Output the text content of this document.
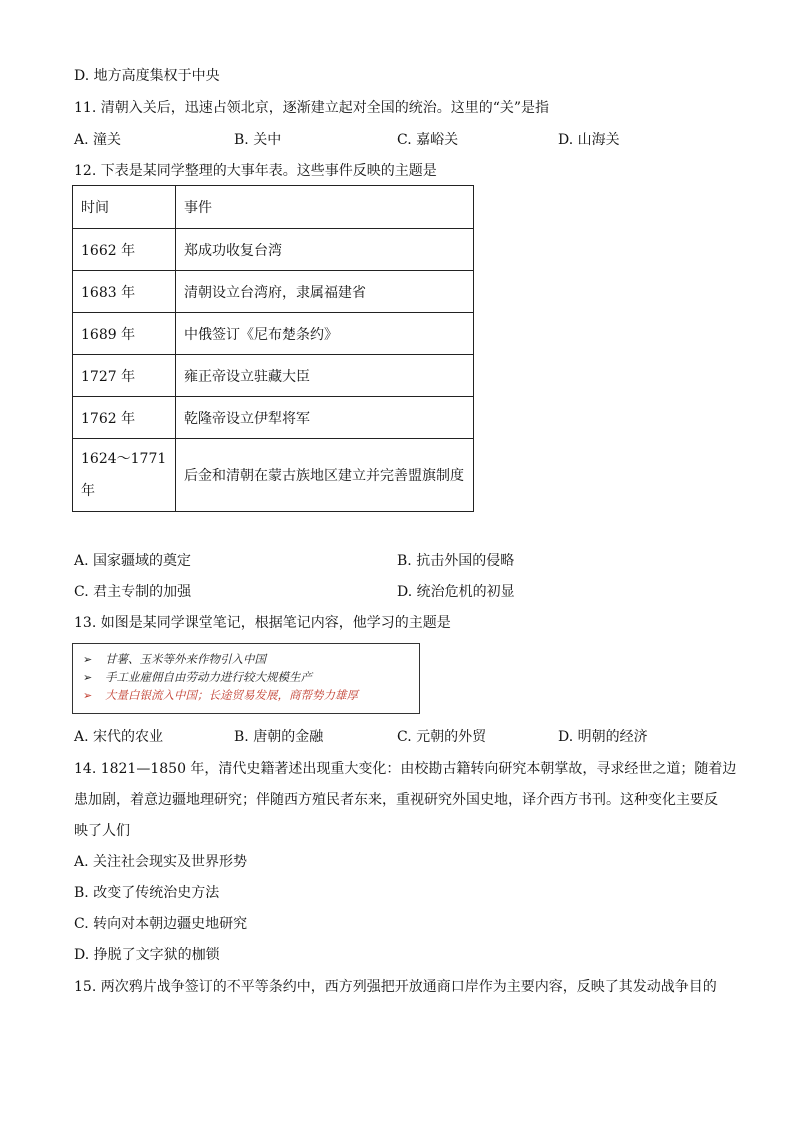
D. 地方高度集权于中央
11. 清朝入关后，迅速占领北京，逐渐建立起对全国的统治。这里的“关”是指
A. 潼关	B. 关中	C. 嘉峪关	D. 山海关
12. 下表是某同学整理的大事年表。这些事件反映的主题是
时间	事件
1662 年	郑成功收复台湾
1683 年	清朝设立台湾府，隶属福建省
1689 年	中俄签订《尼布楚条约》
1727 年	雍正帝设立驻藏大臣
1762 年	乾隆帝设立伊犁将军
1624～1771 年	后金和清朝在蒙古族地区建立并完善盟旗制度
A. 国家疆域的奠定	B. 抗击外国的侵略
C. 君主专制的加强	D. 统治危机的初显
13. 如图是某同学课堂笔记，根据笔记内容，他学习的主题是
➢ 甘薯、玉米等外来作物引入中国
➢ 手工业雇佣自由劳动力进行较大规模生产
➢ 大量白银流入中国；长途贸易发展，商帮势力雄厚
A. 宋代的农业	B. 唐朝的金融	C. 元朝的外贸	D. 明朝的经济
14. 1821—1850 年，清代史籍著述出现重大变化：由校勘古籍转向研究本朝掌故，寻求经世之道；随着边
患加剧，着意边疆地理研究；伴随西方殖民者东来，重视研究外国史地，译介西方书刊。这种变化主要反
映了人们
A. 关注社会现实及世界形势
B. 改变了传统治史方法
C. 转向对本朝边疆史地研究
D. 挣脱了文字狱的枷锁
15. 两次鸦片战争签订的不平等条约中，西方列强把开放通商口岸作为主要内容，反映了其发动战争目的
